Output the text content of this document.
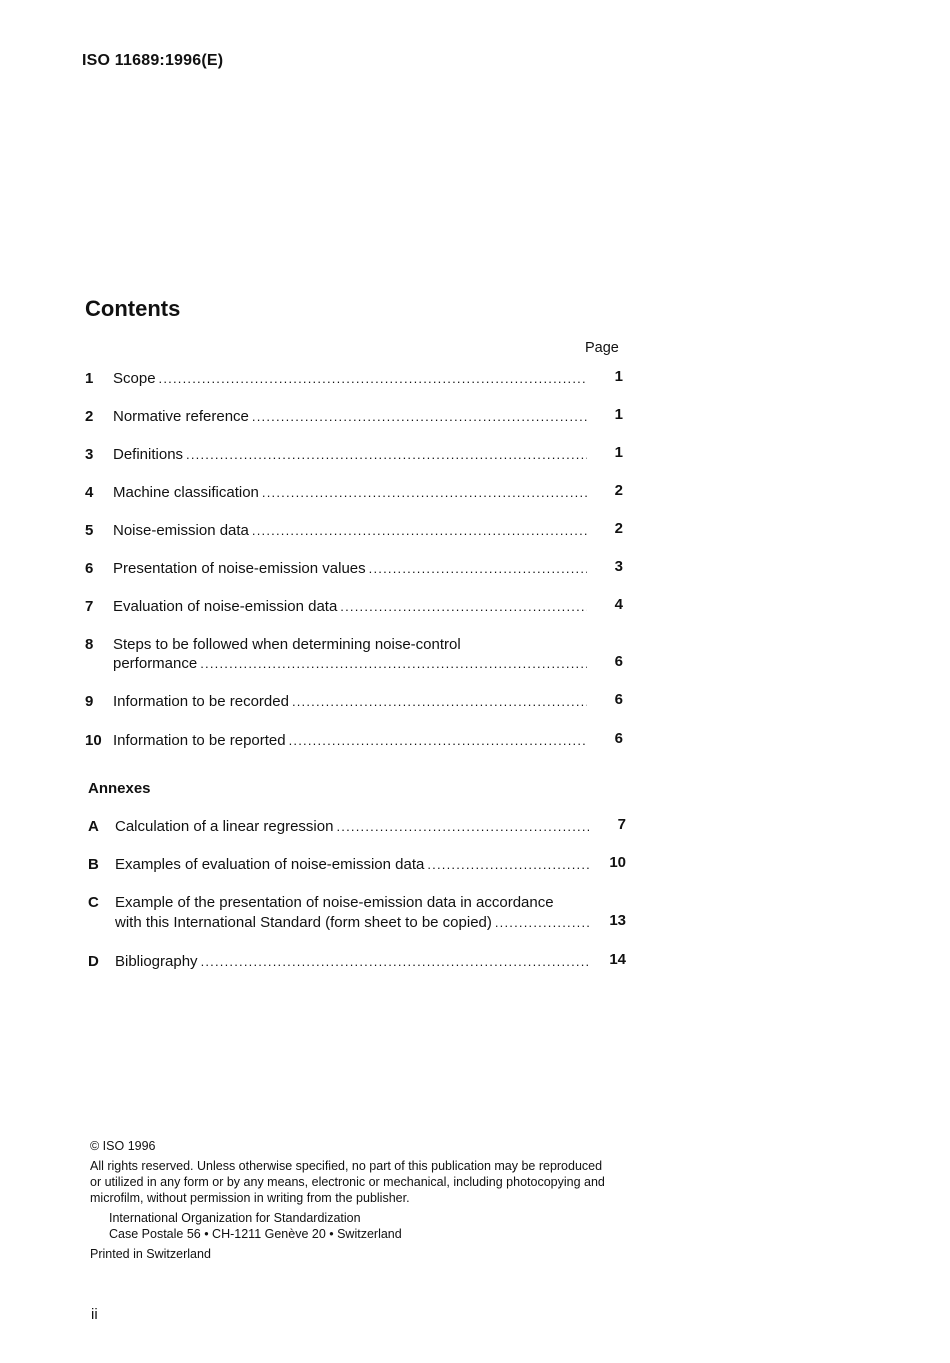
ISO 11689:1996(E)
Contents
Page
1	Scope .....	1
2	Normative reference .....	1
3	Definitions .....	1
4	Machine classification .....	2
5	Noise-emission data .....	2
6	Presentation of noise-emission values .....	3
7	Evaluation of noise-emission data .....	4
8	Steps to be followed when determining noise-control
performance .....	6
9	Information to be recorded .....	6
10 Information to be reported .....	6
Annexes
A	Calculation of a linear regression .....	7
B	Examples of evaluation of noise-emission data .....	10
C	Example of the presentation of noise-emission data in accordance
with this International Standard (form sheet to be copied) .....	13
D	Bibliography .....	14
© ISO 1996
All rights reserved. Unless otherwise specified, no part of this publication may be reproduced
or utilized in any form or by any means, electronic or mechanical, including photocopying and
microfilm, without permission in writing from the publisher.
International Organization for Standardization
Case Postale 56 • CH-1211 Genève 20 • Switzerland
Printed in Switzerland
ii
